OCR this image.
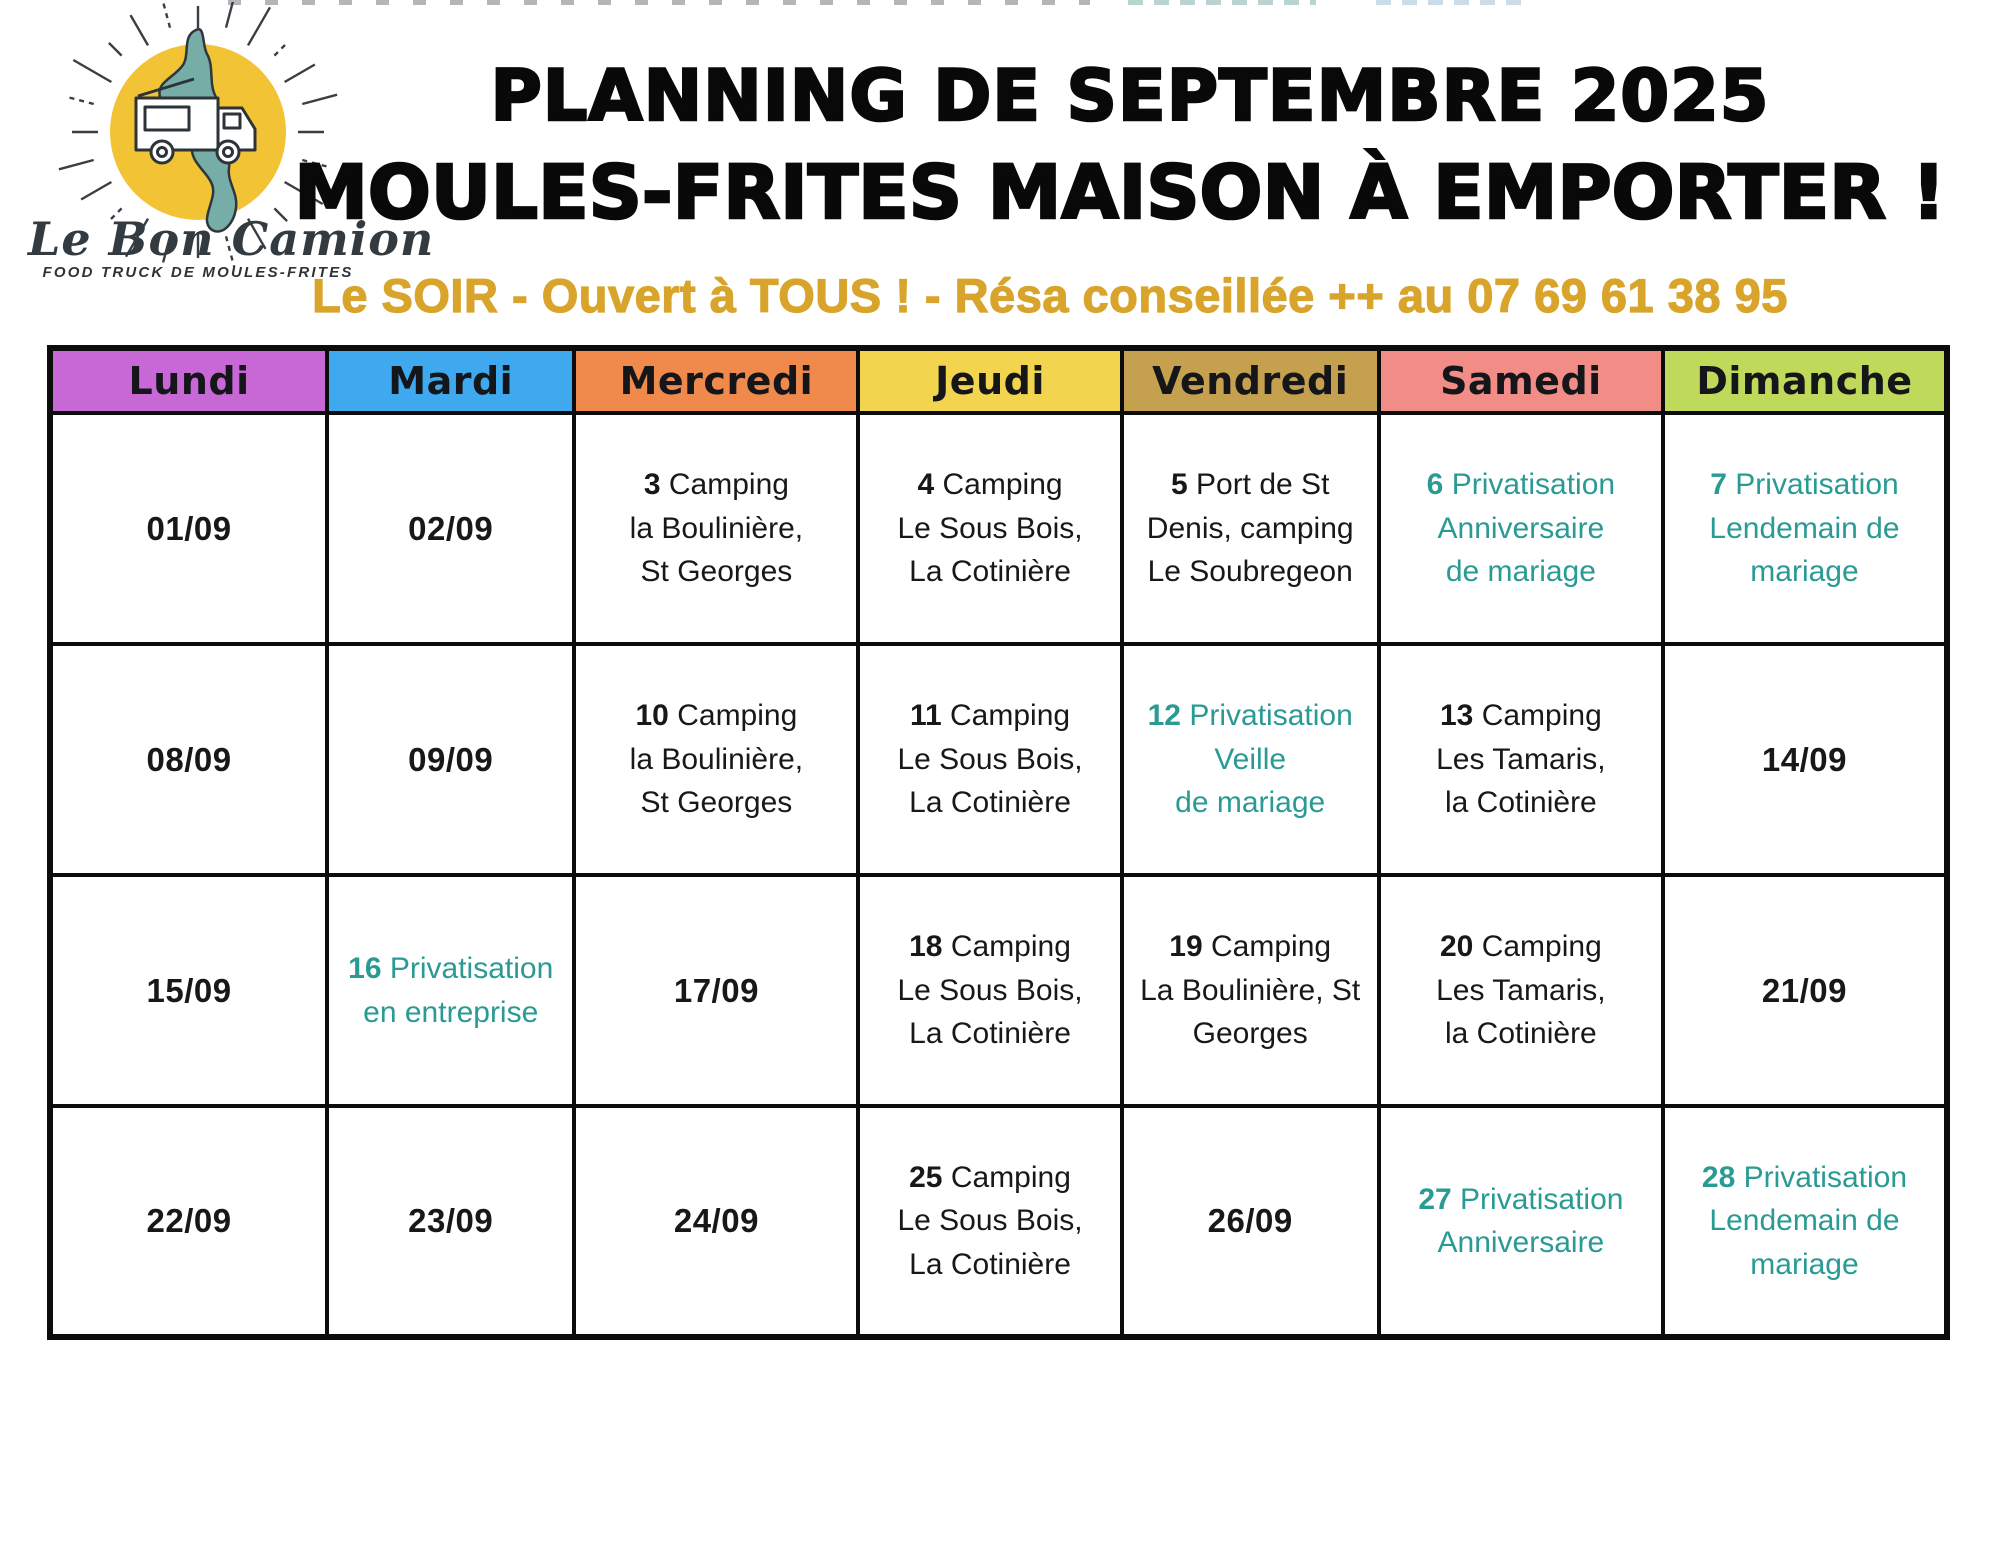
Le Bon Camion
FOOD TRUCK DE MOULES-FRITES
PLANNING DE SEPTEMBRE 2025
MOULES-FRITES MAISON À EMPORTER !
Le SOIR - Ouvert à TOUS ! - Résa conseillée ++ au 07 69 61 38 95
Lundi	Mardi	Mercredi	Jeudi	Vendredi	Samedi	Dimanche

01/09	02/09	3 Camping
la Boulinière,
St Georges	4 Camping
Le Sous Bois,
La Cotinière	5 Port de St
Denis, camping
Le Soubregeon	6 Privatisation
Anniversaire
de mariage	7 Privatisation
Lendemain de
mariage

08/09	09/09	10 Camping
la Boulinière,
St Georges	11 Camping
Le Sous Bois,
La Cotinière	12 Privatisation
Veille
de mariage	13 Camping
Les Tamaris,
la Cotinière	14/09

15/09	16 Privatisation
en entreprise	17/09	18 Camping
Le Sous Bois,
La Cotinière	19 Camping
La Boulinière, St
Georges	20 Camping
Les Tamaris,
la Cotinière	21/09

22/09	23/09	24/09	25 Camping
Le Sous Bois,
La Cotinière	26/09	27 Privatisation
Anniversaire	28 Privatisation
Lendemain de
mariage
